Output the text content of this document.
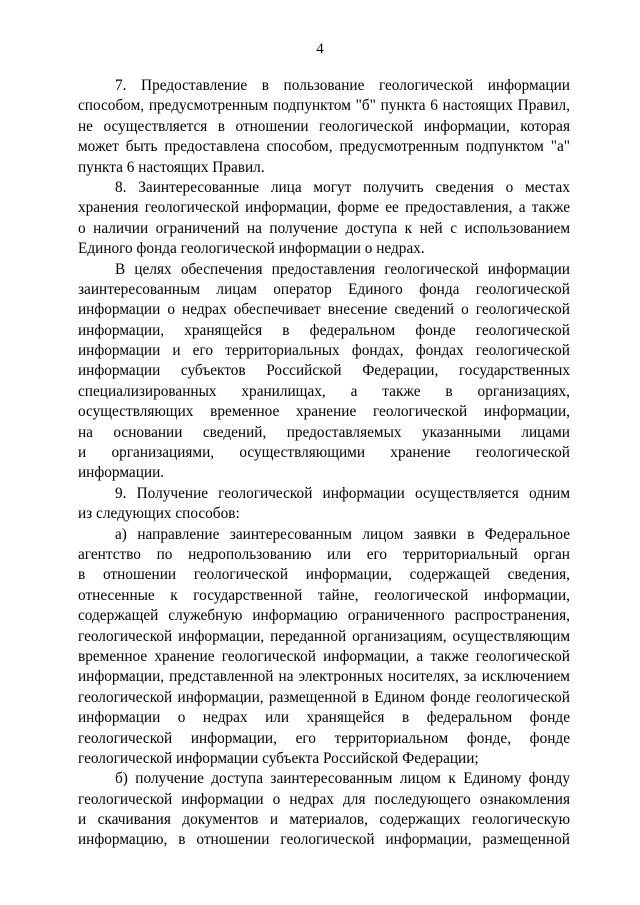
4
7. Предоставление в пользование геологической информации
способом, предусмотренным подпунктом "б" пункта 6 настоящих Правил,
не осуществляется в отношении геологической информации, которая
может быть предоставлена способом, предусмотренным подпунктом "а"
пункта 6 настоящих Правил.
8. Заинтересованные лица могут получить сведения о местах
хранения геологической информации, форме ее предоставления, а также
о наличии ограничений на получение доступа к ней с использованием
Единого фонда геологической информации о недрах.
В целях обеспечения предоставления геологической информации
заинтересованным лицам оператор Единого фонда геологической
информации о недрах обеспечивает внесение сведений о геологической
информации, хранящейся в федеральном фонде геологической
информации и его территориальных фондах, фондах геологической
информации субъектов Российской Федерации, государственных
специализированных хранилищах, а также в организациях,
осуществляющих временное хранение геологической информации,
на основании сведений, предоставляемых указанными лицами
и организациями, осуществляющими хранение геологической
информации.
9. Получение геологической информации осуществляется одним
из следующих способов:
а) направление заинтересованным лицом заявки в Федеральное
агентство по недропользованию или его территориальный орган
в отношении геологической информации, содержащей сведения,
отнесенные к государственной тайне, геологической информации,
содержащей служебную информацию ограниченного распространения,
геологической информации, переданной организациям, осуществляющим
временное хранение геологической информации, а также геологической
информации, представленной на электронных носителях, за исключением
геологической информации, размещенной в Едином фонде геологической
информации о недрах или хранящейся в федеральном фонде
геологической информации, его территориальном фонде, фонде
геологической информации субъекта Российской Федерации;
б) получение доступа заинтересованным лицом к Единому фонду
геологической информации о недрах для последующего ознакомления
и скачивания документов и материалов, содержащих геологическую
информацию, в отношении геологической информации, размещенной
